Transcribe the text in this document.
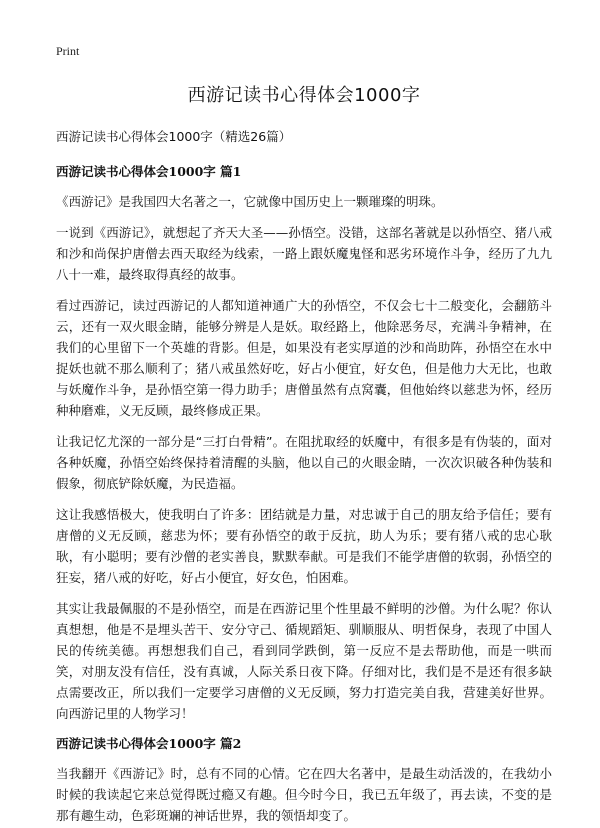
Print
西游记读书心得体会1000字
西游记读书心得体会1000字（精选26篇）
西游记读书心得体会1000字 篇1

《西游记》是我国四大名著之一，它就像中国历史上一颗璀璨的明珠。

一说到《西游记》，就想起了齐天大圣——孙悟空。没错，这部名著就是以孙悟空、猪八戒和沙和尚保护唐僧去西天取经为线索，一路上跟妖魔鬼怪和恶劣环境作斗争，经历了九九八十一难，最终取得真经的故事。

看过西游记，读过西游记的人都知道神通广大的孙悟空，不仅会七十二般变化，会翻筋斗云，还有一双火眼金睛，能够分辨是人是妖。取经路上，他除恶务尽，充满斗争精神，在我们的心里留下一个英雄的背影。但是，如果没有老实厚道的沙和尚助阵，孙悟空在水中捉妖也就不那么顺利了；猪八戒虽然好吃，好占小便宜，好女色，但是他力大无比，也敢与妖魔作斗争，是孙悟空第一得力助手；唐僧虽然有点窝囊，但他始终以慈悲为怀，经历种种磨难，义无反顾，最终修成正果。

让我记忆尤深的一部分是“三打白骨精”。在阻扰取经的妖魔中，有很多是有伪装的，面对各种妖魔，孙悟空始终保持着清醒的头脑，他以自己的火眼金睛，一次次识破各种伪装和假象，彻底铲除妖魔，为民造福。

这让我感悟极大，使我明白了许多：团结就是力量，对忠诚于自己的朋友给予信任；要有唐僧的义无反顾，慈悲为怀；要有孙悟空的敢于反抗，助人为乐；要有猪八戒的忠心耿耿，有小聪明；要有沙僧的老实善良，默默奉献。可是我们不能学唐僧的软弱，孙悟空的狂妄，猪八戒的好吃，好占小便宜，好女色，怕困难。

其实让我最佩服的不是孙悟空，而是在西游记里个性里最不鲜明的沙僧。为什么呢？你认真想想，他是不是埋头苦干、安分守己、循规蹈矩、驯顺服从、明哲保身，表现了中国人民的传统美德。再想想我们自己，看到同学跌倒，第一反应不是去帮助他，而是一哄而笑，对朋友没有信任，没有真诚，人际关系日夜下降。仔细对比，我们是不是还有很多缺点需要改正，所以我们一定要学习唐僧的义无反顾，努力打造完美自我，营建美好世界。向西游记里的人物学习！

西游记读书心得体会1000字 篇2

当我翻开《西游记》时，总有不同的心情。它在四大名著中，是最生动活泼的，在我幼小时候的我读起它来总觉得既过瘾又有趣。但今时今日，我已五年级了，再去读，不变的是那有趣生动，色彩斑斓的神话世界，我的领悟却变了。
